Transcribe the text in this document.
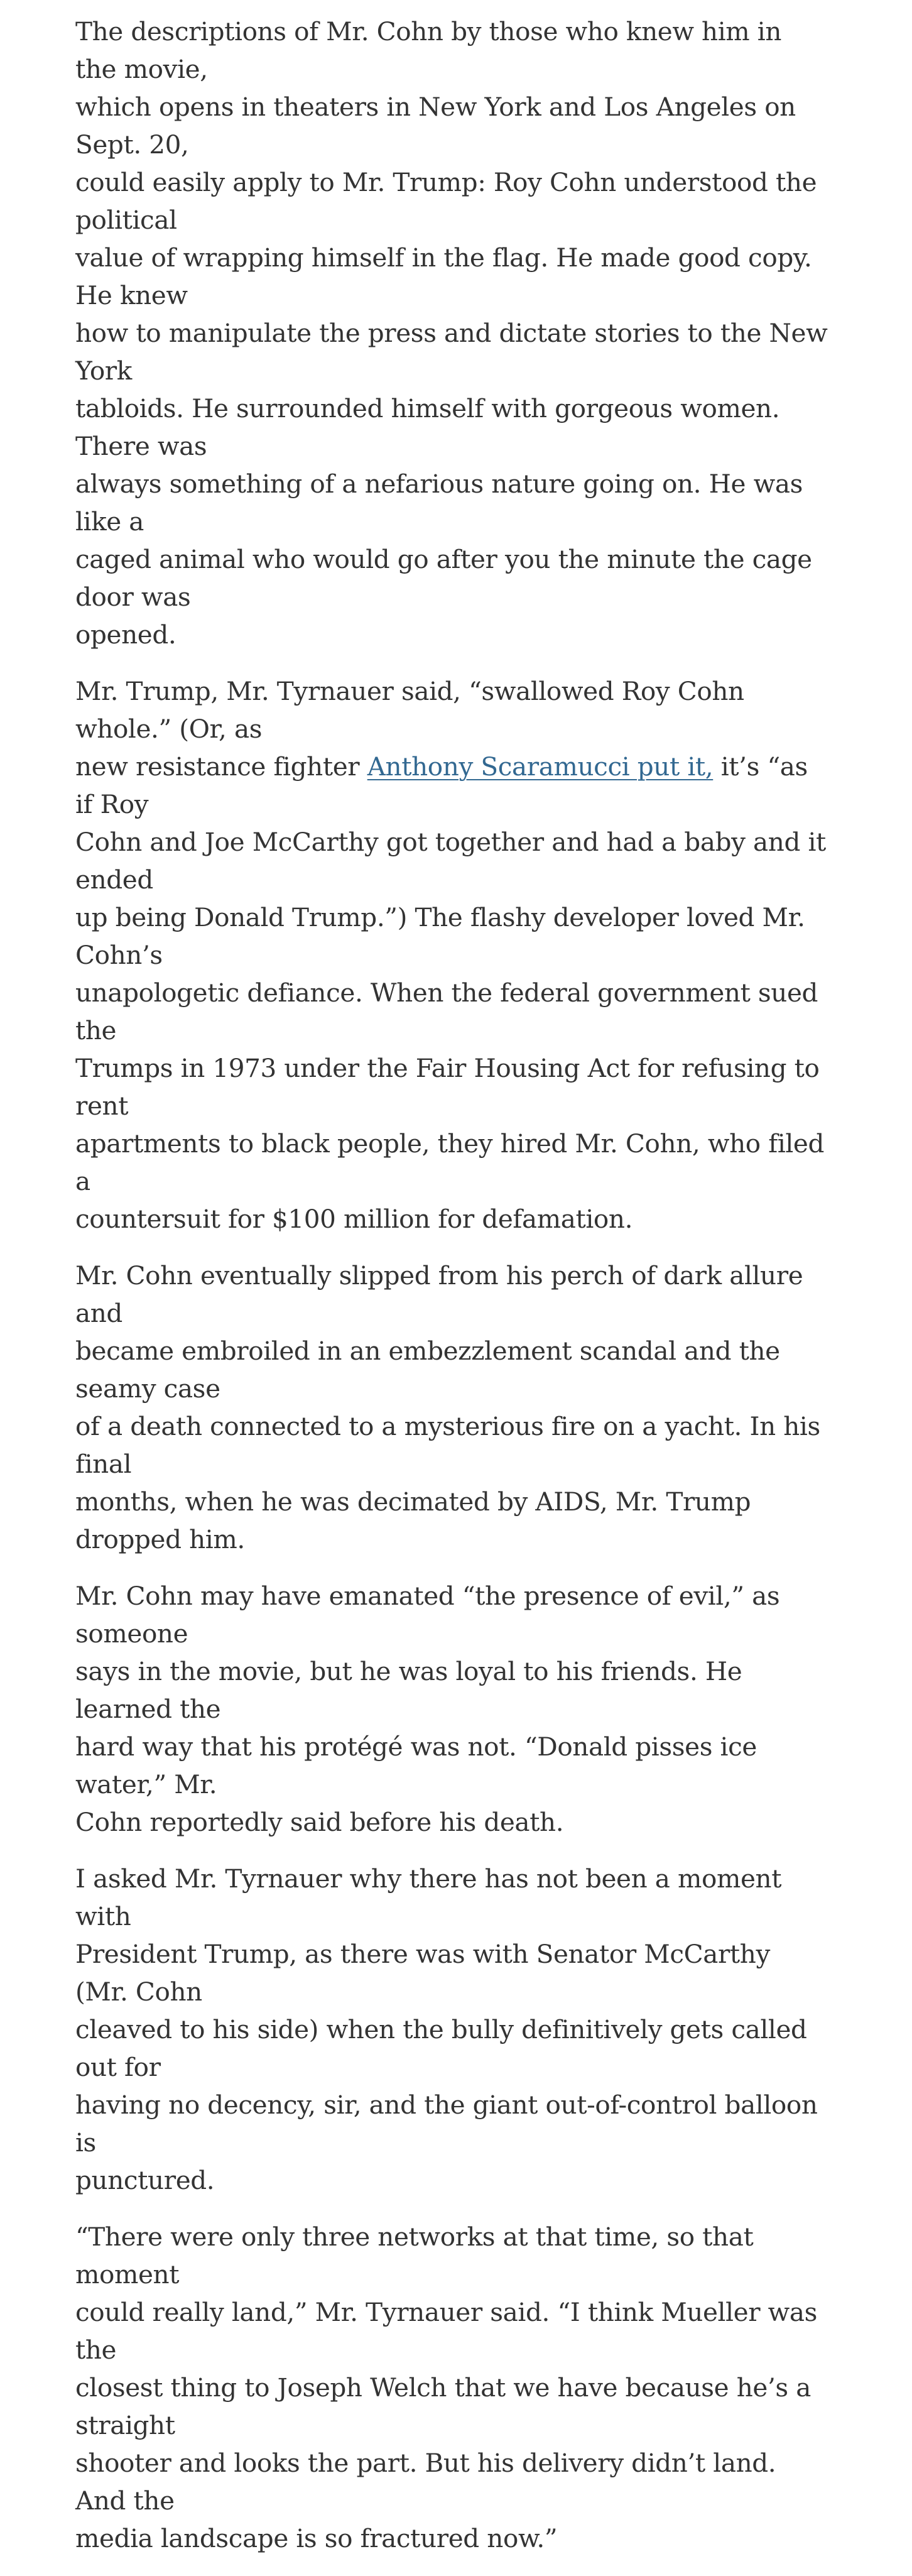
The descriptions of Mr. Cohn by those who knew him in the movie,
which opens in theaters in New York and Los Angeles on Sept. 20,
could easily apply to Mr. Trump: Roy Cohn understood the political
value of wrapping himself in the flag. He made good copy. He knew
how to manipulate the press and dictate stories to the New York
tabloids. He surrounded himself with gorgeous women. There was
always something of a nefarious nature going on. He was like a
caged animal who would go after you the minute the cage door was
opened.

Mr. Trump, Mr. Tyrnauer said, “swallowed Roy Cohn whole.” (Or, as
new resistance fighter Anthony Scaramucci put it, it’s “as if Roy
Cohn and Joe McCarthy got together and had a baby and it ended
up being Donald Trump.”) The flashy developer loved Mr. Cohn’s
unapologetic defiance. When the federal government sued the
Trumps in 1973 under the Fair Housing Act for refusing to rent
apartments to black people, they hired Mr. Cohn, who filed a
countersuit for $100 million for defamation.

Mr. Cohn eventually slipped from his perch of dark allure and
became embroiled in an embezzlement scandal and the seamy case
of a death connected to a mysterious fire on a yacht. In his final
months, when he was decimated by AIDS, Mr. Trump dropped him.

Mr. Cohn may have emanated “the presence of evil,” as someone
says in the movie, but he was loyal to his friends. He learned the
hard way that his protégé was not. “Donald pisses ice water,” Mr.
Cohn reportedly said before his death.

I asked Mr. Tyrnauer why there has not been a moment with
President Trump, as there was with Senator McCarthy (Mr. Cohn
cleaved to his side) when the bully definitively gets called out for
having no decency, sir, and the giant out-of-control balloon is
punctured.

“There were only three networks at that time, so that moment
could really land,” Mr. Tyrnauer said. “I think Mueller was the
closest thing to Joseph Welch that we have because he’s a straight
shooter and looks the part. But his delivery didn’t land. And the
media landscape is so fractured now.”
